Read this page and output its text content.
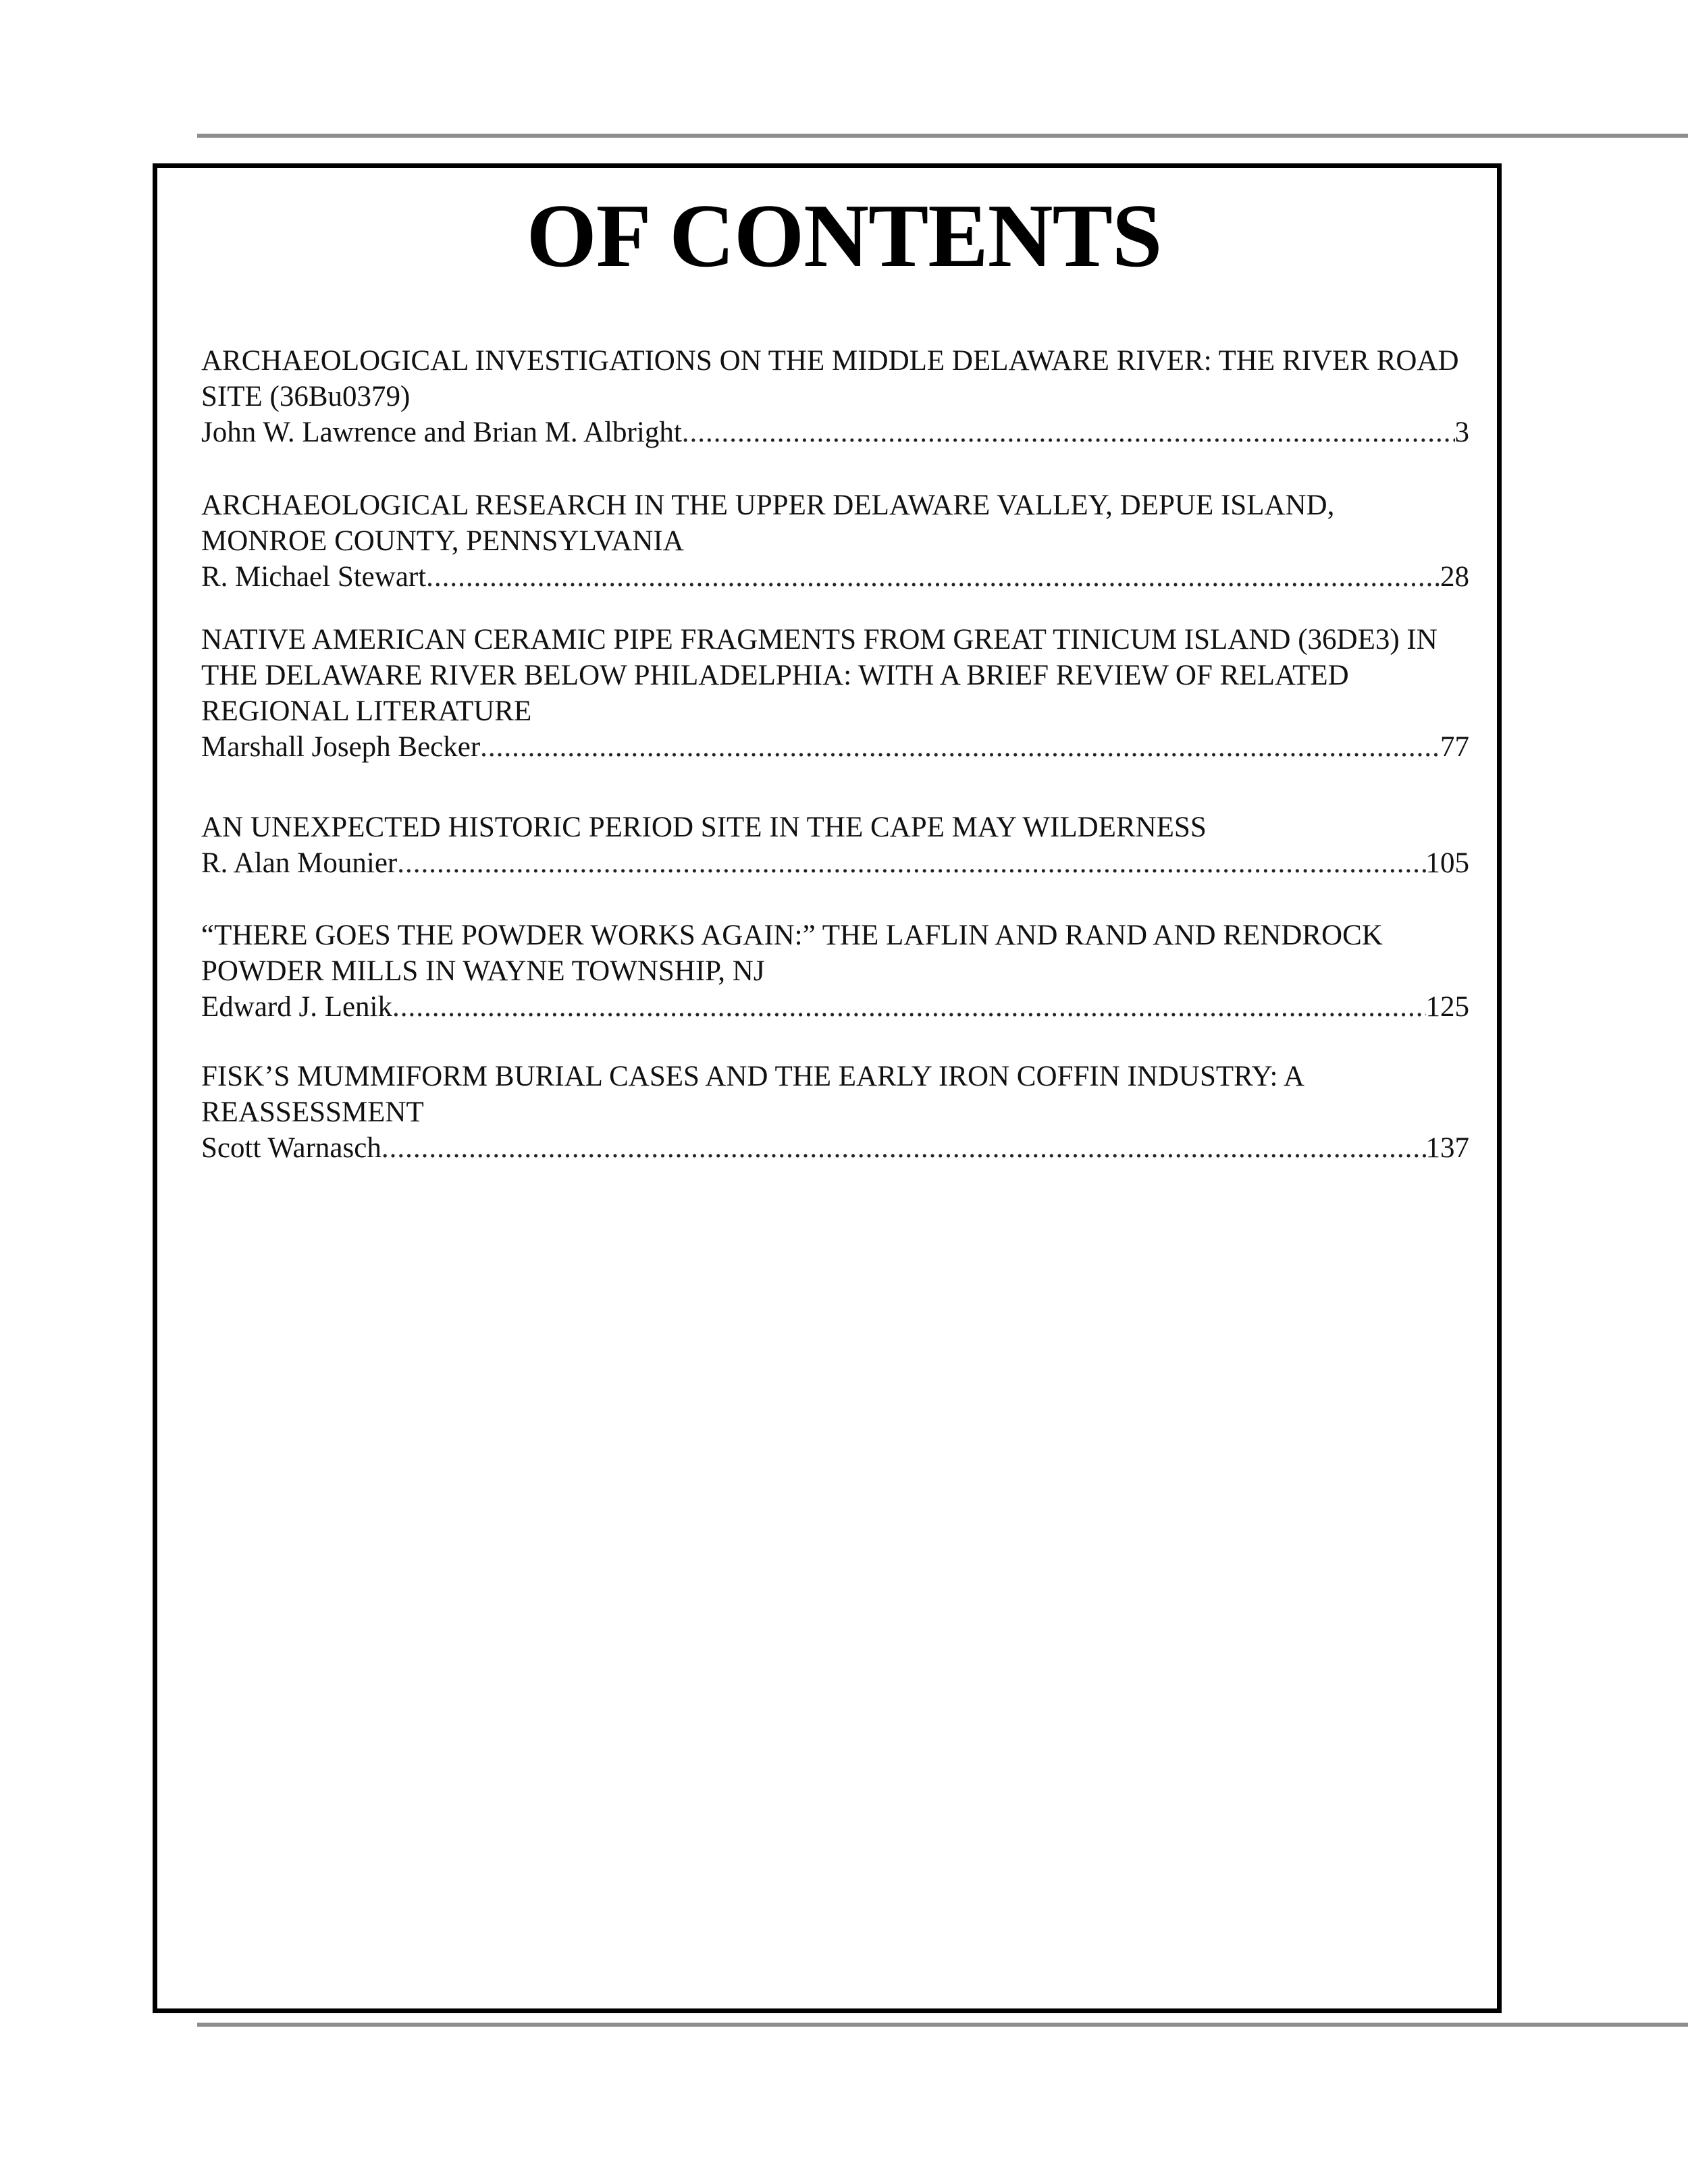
OF CONTENTS
ARCHAEOLOGICAL INVESTIGATIONS ON THE MIDDLE DELAWARE RIVER: THE RIVER ROAD SITE (36Bu0379)
John W. Lawrence and Brian M. Albright .....	3
ARCHAEOLOGICAL RESEARCH IN THE UPPER DELAWARE VALLEY, DEPUE ISLAND, MONROE COUNTY, PENNSYLVANIA
R. Michael Stewart .....	28
NATIVE AMERICAN CERAMIC PIPE FRAGMENTS FROM GREAT TINICUM ISLAND (36DE3) IN THE DELAWARE RIVER BELOW PHILADELPHIA: WITH A BRIEF REVIEW OF RELATED REGIONAL LITERATURE
Marshall Joseph Becker .....	77
AN UNEXPECTED HISTORIC PERIOD SITE IN THE CAPE MAY WILDERNESS
R. Alan Mounier .....	105
“THERE GOES THE POWDER WORKS AGAIN:” THE LAFLIN AND RAND AND RENDROCK POWDER MILLS IN WAYNE TOWNSHIP, NJ
Edward J. Lenik .....	125
FISK’S MUMMIFORM BURIAL CASES AND THE EARLY IRON COFFIN INDUSTRY: A REASSESSMENT
Scott Warnasch .....	137
